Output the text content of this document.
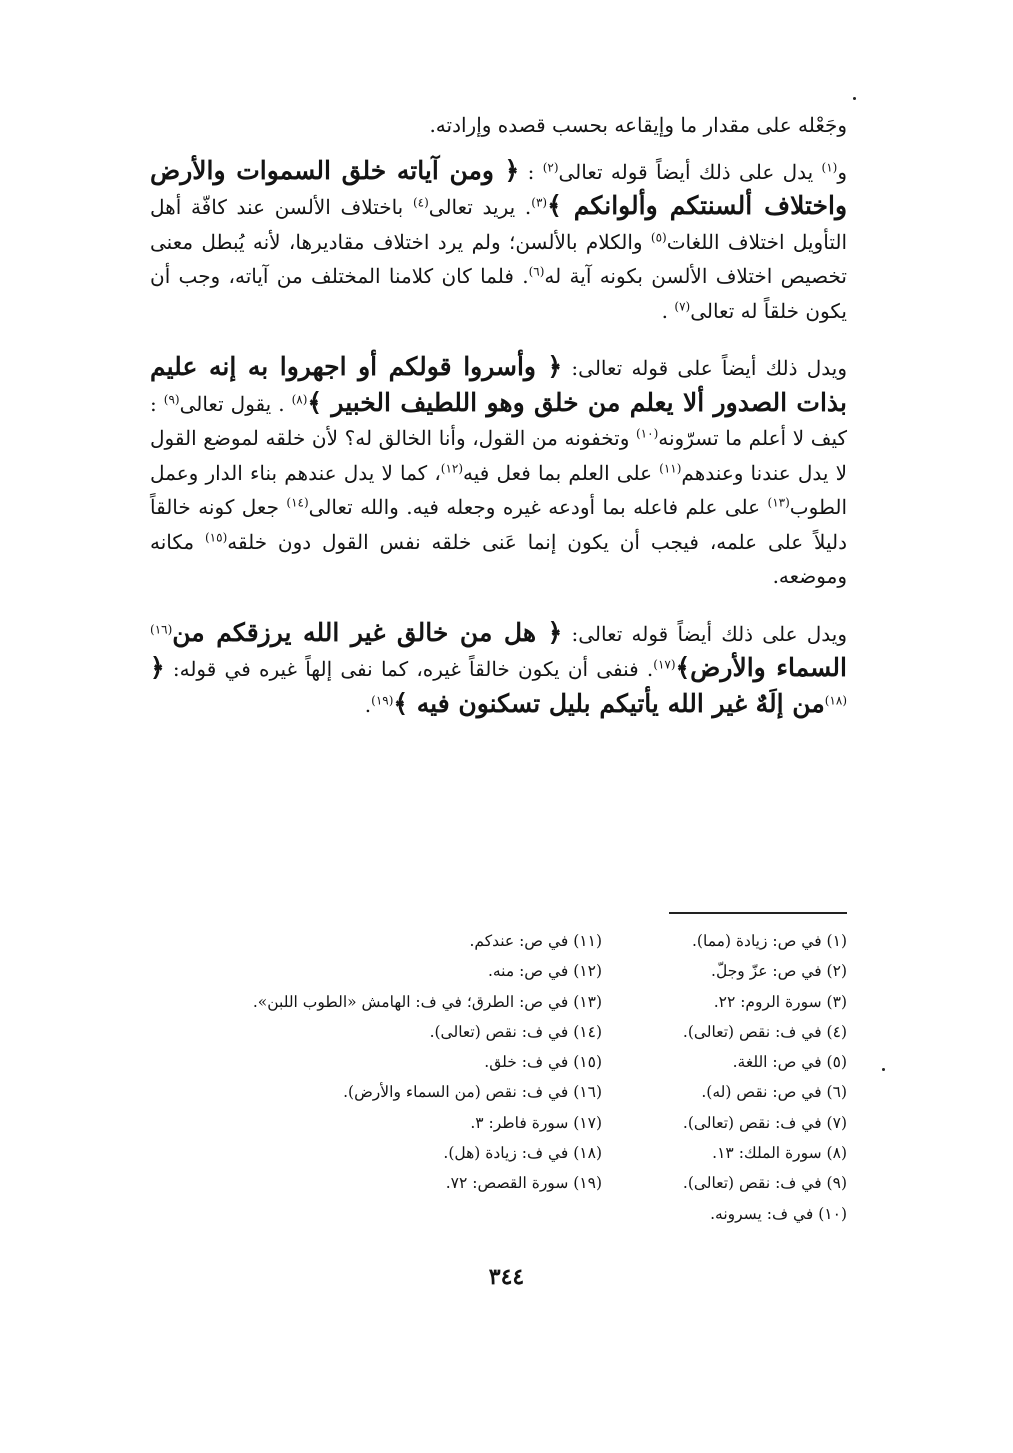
وجَعْله على مقدار ما وإيقاعه بحسب قصده وإرادته.

و$^{(١)}$ يدل على ذلك أيضاً قوله تعالى$^{(٢)}$ : ﴿ ومن آياته خلق السموات والأرض واختلاف ألسنتكم وألوانكم ﴾$^{(٣)}$. يريد تعالى$^{(٤)}$ باختلاف الألسن عند كافّة أهل التأويل اختلاف اللغات$^{(٥)}$ والكلام بالألسن؛ ولم يرد اختلاف مقاديرها، لأنه يُبطل معنى تخصيص اختلاف الألسن بكونه آية له$^{(٦)}$. فلما كان كلامنا المختلف من آياته، وجب أن يكون خلقاً له تعالى$^{(٧)}$ .

ويدل ذلك أيضاً على قوله تعالى: ﴿ وأسروا قولكم أو اجهروا به إنه عليم بذات الصدور ألا يعلم من خلق وهو اللطيف الخبير ﴾$^{(٨)}$ . يقول تعالى$^{(٩)}$ : كيف لا أعلم ما تسرّونه$^{(١٠)}$ وتخفونه من القول، وأنا الخالق له؟ لأن خلقه لموضع القول لا يدل عندنا وعندهم$^{(١١)}$ على العلم بما فعل فيه$^{(١٢)}$، كما لا يدل عندهم بناء الدار وعمل الطوب$^{(١٣)}$ على علم فاعله بما أودعه غيره وجعله فيه. والله تعالى$^{(١٤)}$ جعل كونه خالقاً دليلاً على علمه، فيجب أن يكون إنما عَنى خلقه نفس القول دون خلقه$^{(١٥)}$ مكانه وموضعه.

ويدل على ذلك أيضاً قوله تعالى: ﴿ هل من خالق غير الله يرزقكم من$^{(١٦)}$ السماء والأرض﴾$^{(١٧)}$. فنفى أن يكون خالقاً غيره، كما نفى إلهاً غيره في قوله: ﴿ $^{(١٨)}$من إلَهٌ غير الله يأتيكم بليل تسكنون فيه ﴾$^{(١٩)}$.

(١) في ص: زيادة (مما).
(٢) في ص: عزّ وجلّ.
(٣) سورة الروم: ٢٢.
(٤) في ف: نقص (تعالى).
(٥) في ص: اللغة.
(٦) في ص: نقص (له).
(٧) في ف: نقص (تعالى).
(٨) سورة الملك: ١٣.
(٩) في ف: نقص (تعالى).
(١٠) في ف: يسرونه.
(١١) في ص: عندكم.
(١٢) في ص: منه.
(١٣) في ص: الطرق؛ في ف: الهامش «الطوب اللبن».
(١٤) في ف: نقص (تعالى).
(١٥) في ف: خلق.
(١٦) في ف: نقص (من السماء والأرض).
(١٧) سورة فاطر: ٣.
(١٨) في ف: زيادة (هل).
(١٩) سورة القصص: ٧٢.
٣٤٤
